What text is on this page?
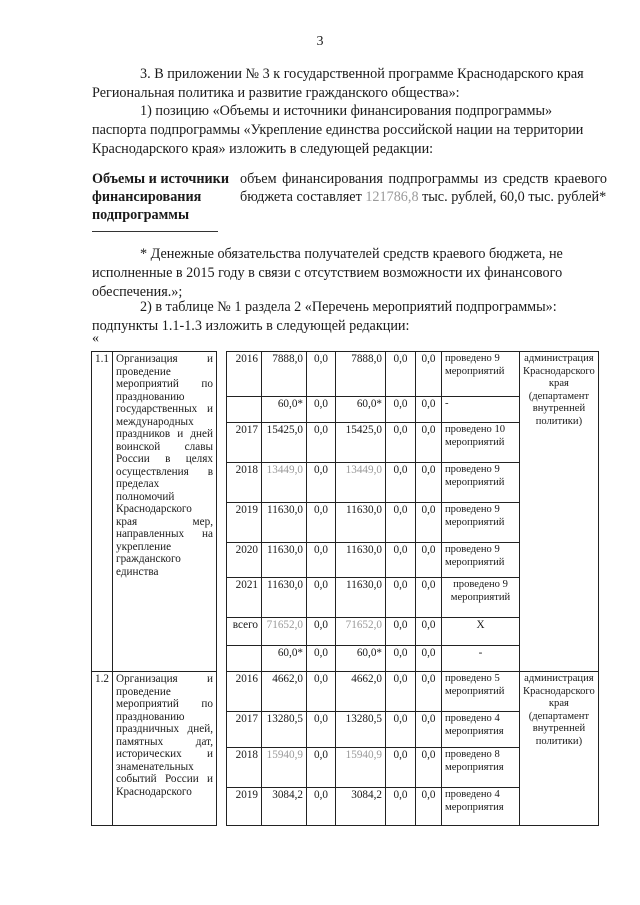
3
3. В приложении № 3 к государственной программе Краснодарского края Региональная политика и развитие гражданского общества»:
1) позицию «Объемы и источники финансирования подпрограммы» паспорта подпрограммы «Укрепление единства российской нации на территории Краснодарского края» изложить в следующей редакции:
Объемы и источники финансирования подпрограммы
объем финансирования подпрограммы из средств краевого бюджета составляет 121786,8 тыс. рублей, 60,0 тыс. рублей*
* Денежные обязательства получателей средств краевого бюджета, не исполненные в 2015 году в связи с отсутствием возможности их финансового обеспечения.»;
2) в таблице № 1 раздела 2 «Перечень мероприятий подпрограммы»: подпункты 1.1-1.3 изложить в следующей редакции:
«
1.1	Организация и проведение мероприятий по празднованию государственных и международных праздников и дней воинской славы России в целях осуществления в пределах полномочий Краснодарского края мер, направленных на укрепление гражданского единства		2016	7888,0	0,0	7888,0	0,0	0,0	проведено 9 мероприятий	администрация Краснодарского края (департамент внутренней политики)
				60,0*	0,0	60,0*	0,0	0,0	-	
			2017	15425,0	0,0	15425,0	0,0	0,0	проведено 10 мероприятий	
			2018	13449,0	0,0	13449,0	0,0	0,0	проведено 9 мероприятий	
			2019	11630,0	0,0	11630,0	0,0	0,0	проведено 9 мероприятий	
			2020	11630,0	0,0	11630,0	0,0	0,0	проведено 9 мероприятий	
			2021	11630,0	0,0	11630,0	0,0	0,0	проведено 9 мероприятий	
			всего	71652,0	0,0	71652,0	0,0	0,0	Х	
				60,0*	0,0	60,0*	0,0	0,0	-	
1.2	Организация и проведение мероприятий по празднованию праздничных дней, памятных дат, исторических и знаменательных событий России и Краснодарского		2016	4662,0	0,0	4662,0	0,0	0,0	проведено 5 мероприятий	администрация Краснодарского края (департамент внутренней политики)
			2017	13280,5	0,0	13280,5	0,0	0,0	проведено 4 мероприятия	
			2018	15940,9	0,0	15940,9	0,0	0,0	проведено 8 мероприятия	
			2019	3084,2	0,0	3084,2	0,0	0,0	проведено 4 мероприятия	
